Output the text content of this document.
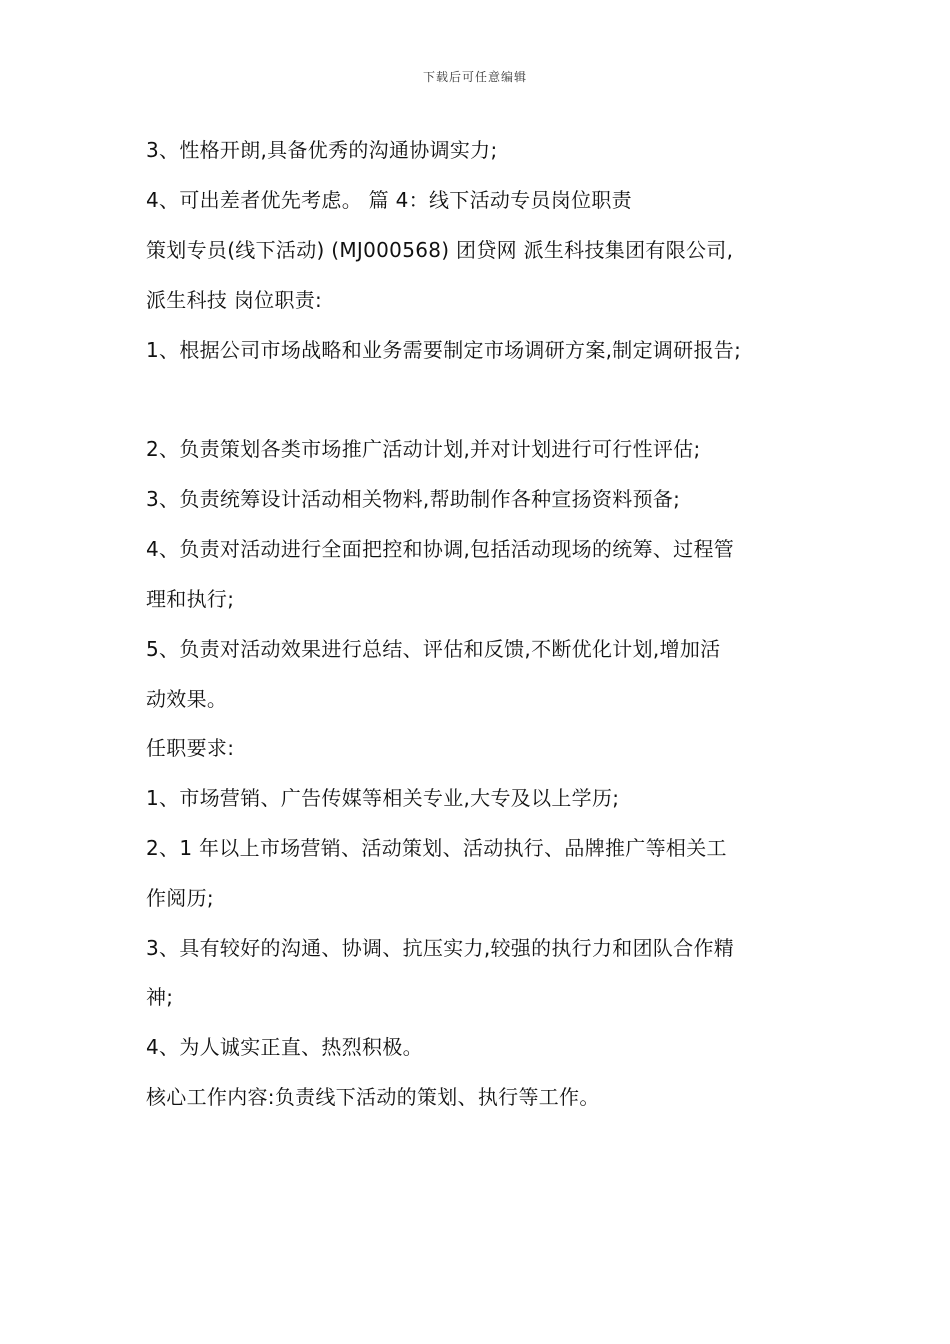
下载后可任意编辑
3、性格开朗,具备优秀的沟通协调实力;
4、可出差者优先考虑。 篇 4：线下活动专员岗位职责
策划专员(线下活动) (MJ000568) 团贷网 派生科技集团有限公司,
派生科技 岗位职责:
1、根据公司市场战略和业务需要制定市场调研方案,制定调研报告;
2、负责策划各类市场推广活动计划,并对计划进行可行性评估;
3、负责统筹设计活动相关物料,帮助制作各种宣扬资料预备;
4、负责对活动进行全面把控和协调,包括活动现场的统筹、过程管
理和执行;
5、负责对活动效果进行总结、评估和反馈,不断优化计划,增加活
动效果。
任职要求:
1、市场营销、广告传媒等相关专业,大专及以上学历;
2、1 年以上市场营销、活动策划、活动执行、品牌推广等相关工
作阅历;
3、具有较好的沟通、协调、抗压实力,较强的执行力和团队合作精
神;
4、为人诚实正直、热烈积极。
核心工作内容:负责线下活动的策划、执行等工作。
